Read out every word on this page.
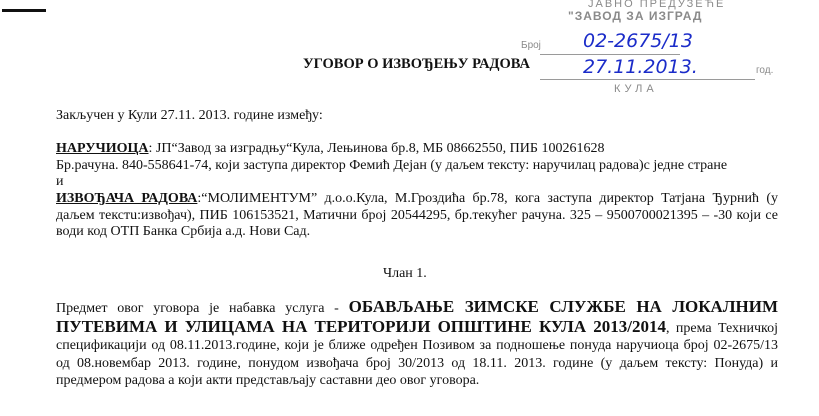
ЈАВНО ПРЕДУЗЕЋЕ
"ЗАВОД ЗА ИЗГРАД
Број
год.
КУЛА
02-2675/13
27.11.2013.
УГОВОР О ИЗВОЂЕЊУ РАДОВА
Закључен у Кули 27.11. 2013. године између:
НАРУЧИОЦА: ЈП“Завод за изградњу“Кула, Лењинова бр.8, МБ 08662550, ПИБ 100261628
Бр.рачуна. 840-558641-74, који заступа директор Фемић Дејан (у даљем тексту: наручилац радова)с једне стране
и
ИЗВОЂАЧА РАДОВА:“МОЛИМЕНТУМ” д.о.о.Кула, М.Гроздића бр.78, кога заступа директор Татјана Ђурнић (у даљем текстu:извођач), ПИБ 106153521, Матични број 20544295, бр.текућег рачуна. 325 – 9500700021395 – -30 који се води код ОТП Банка Србија а.д. Нови Сад.
Члан 1.
Предмет овог уговора је набавка услуга - ОБАВЉАЊЕ ЗИМСКЕ СЛУЖБЕ НА ЛОКАЛНИМ ПУТЕВИМА И УЛИЦАМА НА ТЕРИТОРИЈИ ОПШТИНЕ КУЛА 2013/2014, према Техничкој спецификацији од 08.11.2013.године, који је ближе одређен Позивом за подношење понуда наручиоца број 02-2675/13 од 08.новембар 2013. године, понудом извођача број 30/2013 од 18.11. 2013. године (у даљем тексту: Понуда) и предмером радова а који акти представљају саставни део овог уговора.
